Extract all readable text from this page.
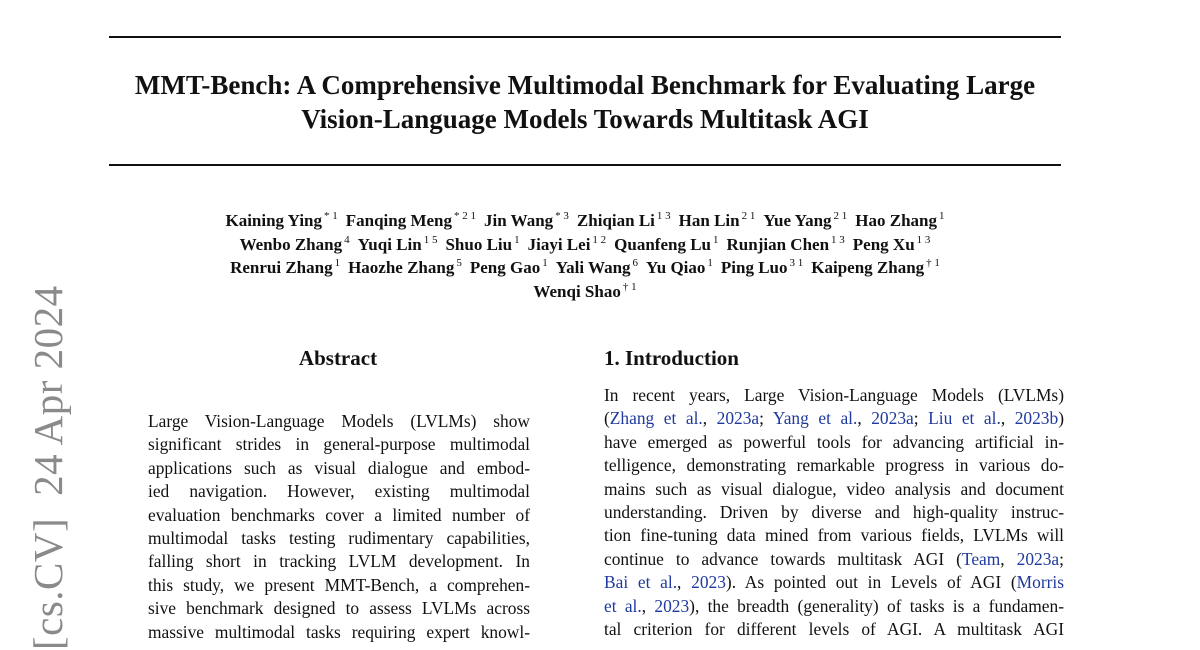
MMT-Bench: A Comprehensive Multimodal Benchmark for Evaluating Large
Vision-Language Models Towards Multitask AGI
Kaining Ying $^{* 1}$ Fanqing Meng $^{* 2 1}$ Jin Wang $^{* 3}$ Zhiqian Li $^{1 3}$ Han Lin $^{2 1}$ Yue Yang $^{2 1}$ Hao Zhang $^1$
Wenbo Zhang $^4$ Yuqi Lin $^{1 5}$ Shuo Liu $^1$ Jiayi Lei $^{1 2}$ Quanfeng Lu $^1$ Runjian Chen $^{1 3}$ Peng Xu $^{1 3}$
Renrui Zhang $^1$ Haozhe Zhang $^5$ Peng Gao $^1$ Yali Wang $^6$ Yu Qiao $^1$ Ping Luo $^{3 1}$ Kaipeng Zhang $^{\dagger 1}$
Wenqi Shao $^{\dagger 1}$
[cs.CV]24 Apr 2024	Abstract
Large Vision-Language Models (LVLMs) show
significant strides in general-purpose multimodal
applications such as visual dialogue and embod-
ied navigation. However, existing multimodal
evaluation benchmarks cover a limited number of
multimodal tasks testing rudimentary capabilities,
falling short in tracking LVLM development. In
this study, we present MMT-Bench, a comprehen-
sive benchmark designed to assess LVLMs across
massive multimodal tasks requiring expert knowl-
1. Introduction
In recent years, Large Vision-Language Models (LVLMs)
(Zhang et al., 2023a; Yang et al., 2023a; Liu et al., 2023b)
have emerged as powerful tools for advancing artificial in-
telligence, demonstrating remarkable progress in various do-
mains such as visual dialogue, video analysis and document
understanding. Driven by diverse and high-quality instruc-
tion fine-tuning data mined from various fields, LVLMs will
continue to advance towards multitask AGI (Team, 2023a;
Bai et al., 2023). As pointed out in Levels of AGI (Morris
et al., 2023), the breadth (generality) of tasks is a fundamen-
tal criterion for different levels of AGI. A multitask AGI
